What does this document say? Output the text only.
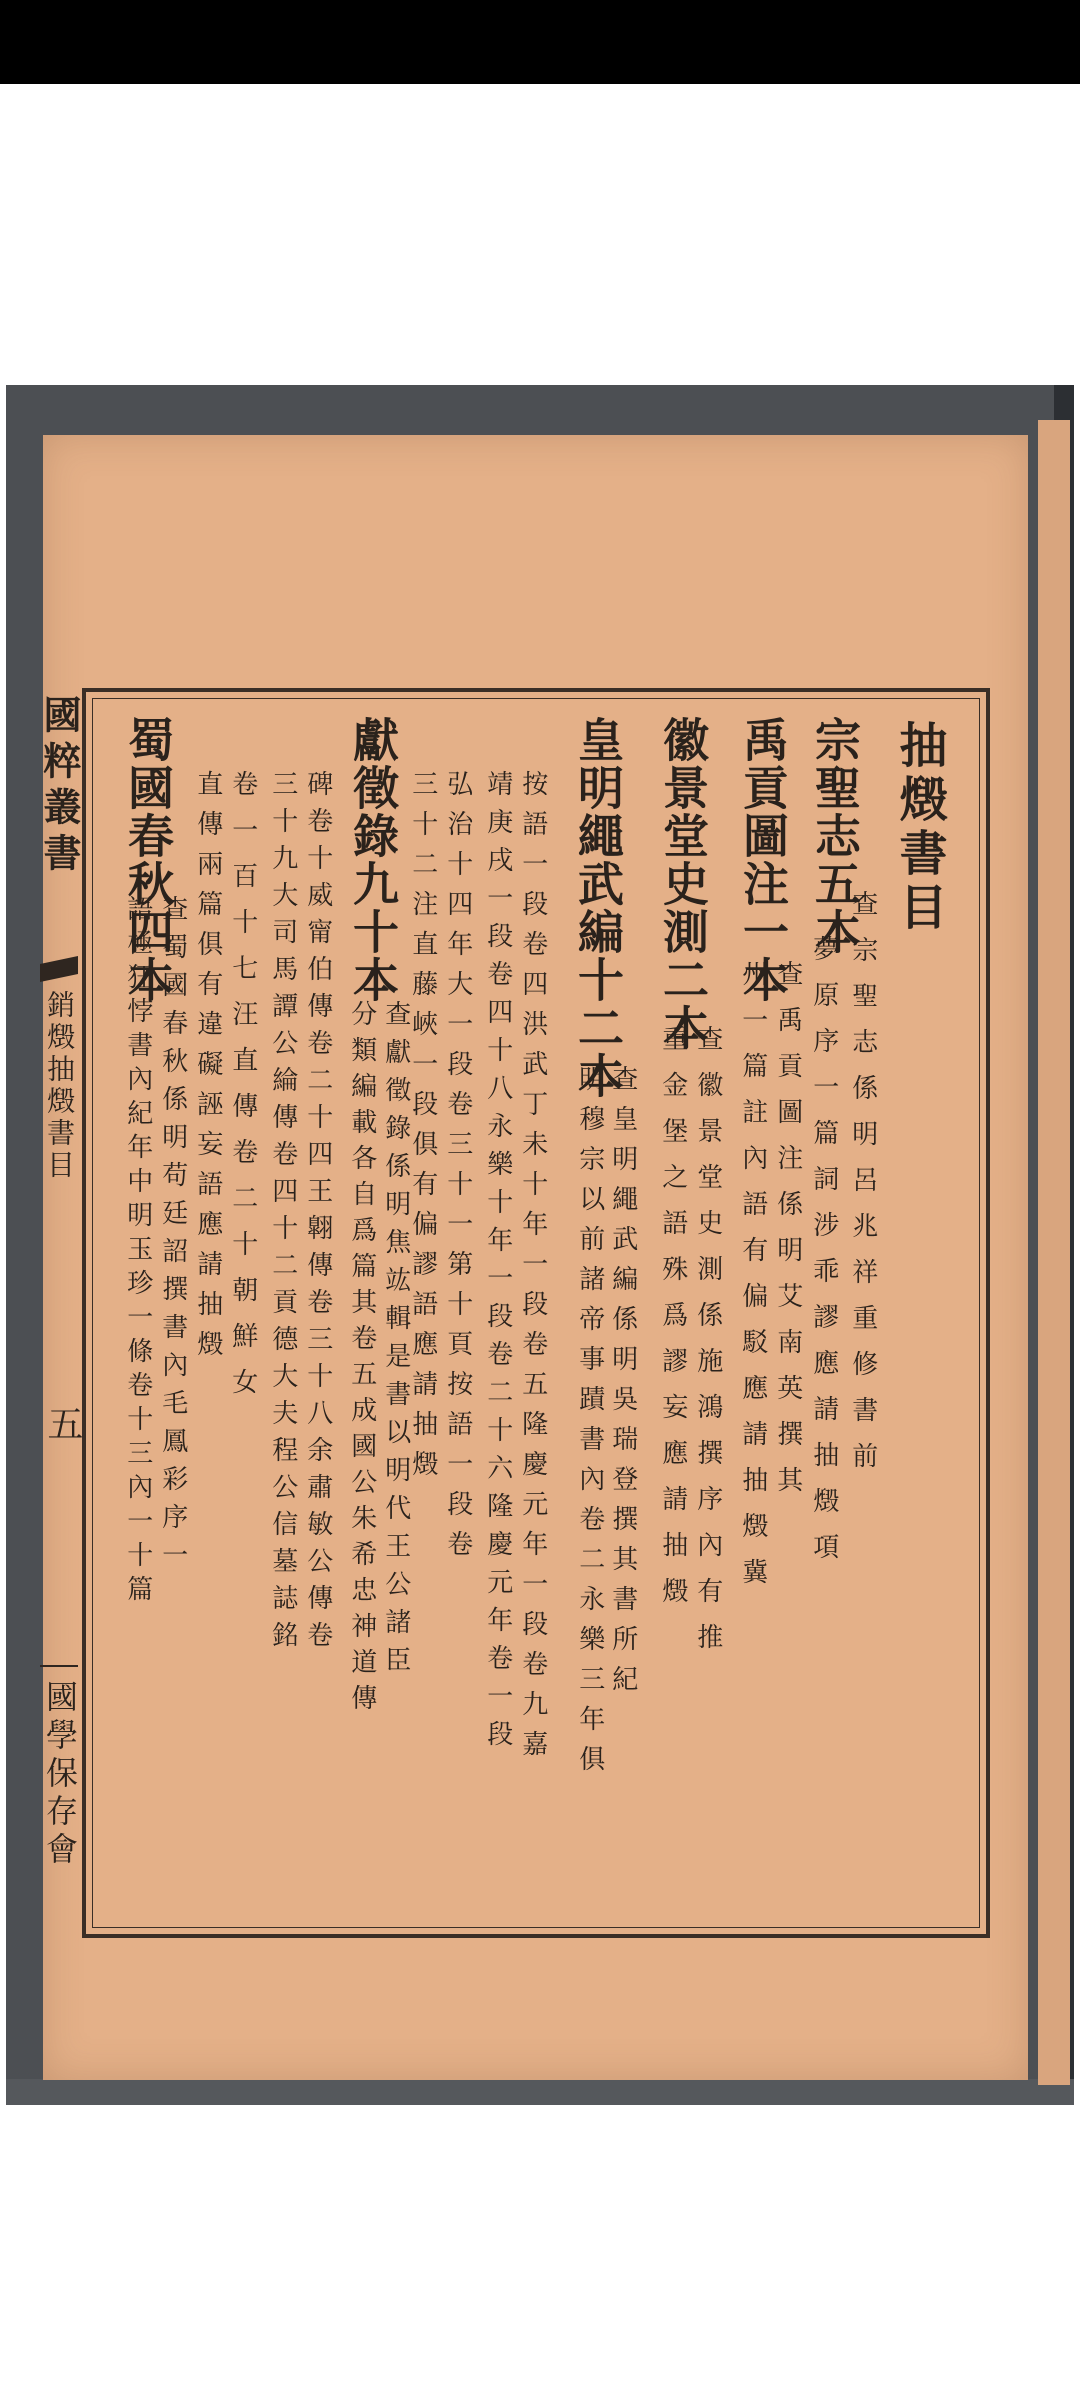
國粹叢書
銷燬抽燬書目
五
國學保存會
抽燬書目
宗聖志五本
查宗聖志係明呂兆祥重修書前
夢原序一篇詞涉乖謬應請抽燬項
禹貢圖注一本
查禹貢圖注係明艾南英撰其
州一篇註內語有偏駁應請抽燬冀
徽景堂史測二本
查徽景堂史測係施鴻撰序內有推
重金堡之語殊爲謬妄應請抽燬
皇明繩武編十二本
查皇明繩武編係明吳瑞登撰其書所紀
明穆宗以前諸帝事蹟書內卷二永樂三年俱
按語一段卷四洪武丁未十年一段卷五隆慶元年一段卷九嘉
靖庚戌一段卷四十八永樂十年一段卷二十六隆慶元年卷一段
弘治十四年大一段卷三十一第十頁按語一段卷
三十二注直藤峽一段俱有偏謬語應請抽燬
獻徵錄九十本
查獻徵錄係明焦竑輯是書以明代王公諸臣
分類編載各自爲篇其卷五成國公朱希忠神道傳
碑卷十威甯伯傳卷二十四王翺傳卷三十八余肅敏公傳卷
三十九大司馬譚公綸傳卷四十二貢德大夫程公信墓誌銘
卷一百十七汪直傳卷二十朝鮮女
直傳兩篇俱有違礙誣妄語應請抽燬
蜀國春秋四本
查蜀國春秋係明苟廷詔撰書內毛鳳彩序一
語極狂悖書內紀年中明玉珍一條卷十三內一十篇
